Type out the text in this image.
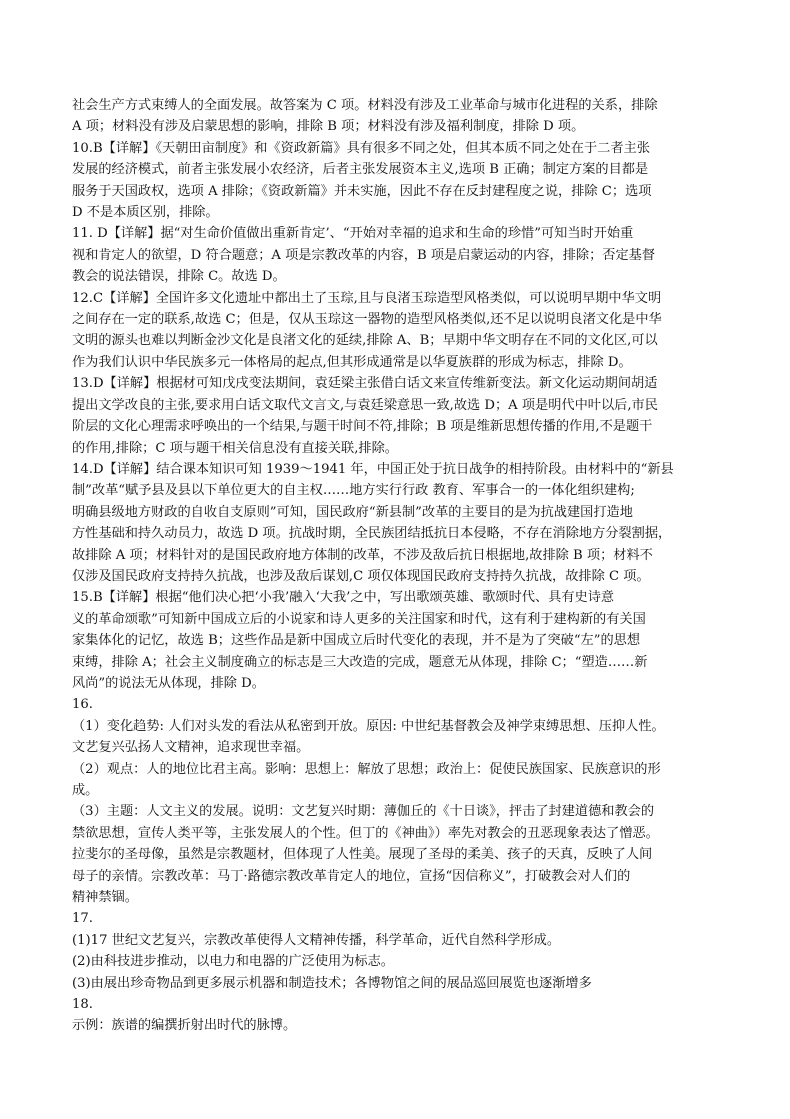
社会生产方式束缚人的全面发展。故答案为 C 项。材料没有涉及工业革命与城市化进程的关系，排除
A 项；材料没有涉及启蒙思想的影响，排除 B 项；材料没有涉及福利制度，排除 D 项。
10.B【详解】《天朝田亩制度》和《资政新篇》具有很多不同之处，但其本质不同之处在于二者主张
发展的经济模式，前者主张发展小农经济，后者主张发展资本主义,选项 B 正确；制定方案的目都是
服务于天国政权，选项 A 排除；《资政新篇》并未实施，因此不存在反封建程度之说，排除 C；选项
D 不是本质区别，排除。
11. D【详解】据“对生命价值做出重新肯定’、“开始对幸福的追求和生命的珍惜”可知当时开始重
视和肯定人的欲望，D 符合题意；A 项是宗教改革的内容，B 项是启蒙运动的内容，排除；否定基督
教会的说法错误，排除 C。故选 D。
12.C【详解】全国许多文化遗址中都出土了玉琮,且与良渚玉琮造型风格类似，可以说明早期中华文明
之间存在一定的联系,故选 C；但是，仅从玉琮这一器物的造型风格类似,还不足以说明良渚文化是中华
文明的源头也难以判断金沙文化是良渚文化的延续,排除 A、B；早期中华文明存在不同的文化区,可以
作为我们认识中华民族多元一体格局的起点,但其形成通常是以华夏族群的形成为标志，排除 D。
13.D【详解】根据材可知戊戌变法期间，袁廷梁主张借白话文来宣传维新变法。新文化运动期间胡适
提出文学改良的主张,要求用白话文取代文言文,与袁廷梁意思一致,故选 D；A 项是明代中叶以后,市民
阶层的文化心理需求呼唤出的一个结果,与题干时间不符,排除；B 项是维新思想传播的作用,不是题干
的作用,排除；C 项与题干相关信息没有直接关联,排除。
14.D【详解】结合课本知识可知 1939～1941 年，中国正处于抗日战争的相持阶段。由材料中的“新县
制”改革“赋予县及县以下单位更大的自主权……地方实行行政 教育、军事合一的一体化组织建构;
明确县级地方财政的自收自支原则”可知，国民政府“新县制”改革的主要目的是为抗战建国打造地
方性基础和持久动员力，故选 D 项。抗战时期，全民族团结抵抗日本侵略，不存在消除地方分裂割据，
故排除 A 项；材料针对的是国民政府地方体制的改革，不涉及敌后抗日根据地,故排除 B 项；材料不
仅涉及国民政府支持持久抗战，也涉及敌后谋划,C 项仅体现国民政府支持持久抗战，故排除 C 项。
15.B【详解】根据“他们决心把‘小我’融入‘大我’之中，写出歌颂英雄、歌颂时代、具有史诗意
义的革命颂歌”可知新中国成立后的小说家和诗人更多的关注国家和时代，这有利于建构新的有关国
家集体化的记忆，故选 B；这些作品是新中国成立后时代变化的表现，并不是为了突破“左”的思想
束缚，排除 A；社会主义制度确立的标志是三大改造的完成，题意无从体现，排除 C；“塑造……新
风尚”的说法无从体现，排除 D。
16.
（1）变化趋势: 人们对头发的看法从私密到开放。原因: 中世纪基督教会及神学束缚思想、压抑人性。
文艺复兴弘扬人文精神，追求现世幸福。
（2）观点：人的地位比君主高。影响：思想上：解放了思想；政治上：促使民族国家、民族意识的形
成。
（3）主题：人文主义的发展。说明：文艺复兴时期：薄伽丘的《十日谈》，抨击了封建道德和教会的
禁欲思想，宣传人类平等，主张发展人的个性。但丁的《神曲》）率先对教会的丑恶现象表达了憎恶。
拉斐尔的圣母像，虽然是宗教题材，但体现了人性美。展现了圣母的柔美、孩子的天真，反映了人间
母子的亲情。宗教改革：马丁·路德宗教改革肯定人的地位，宣扬“因信称义”，打破教会对人们的
精神禁锢。
17.
(1)17 世纪文艺复兴，宗教改革使得人文精神传播，科学革命，近代自然科学形成。
(2)由科技进步推动，以电力和电器的广泛使用为标志。
(3)由展出珍奇物品到更多展示机器和制造技术；各博物馆之间的展品巡回展览也逐渐增多
18.
示例：族谱的编撰折射出时代的脉博。
